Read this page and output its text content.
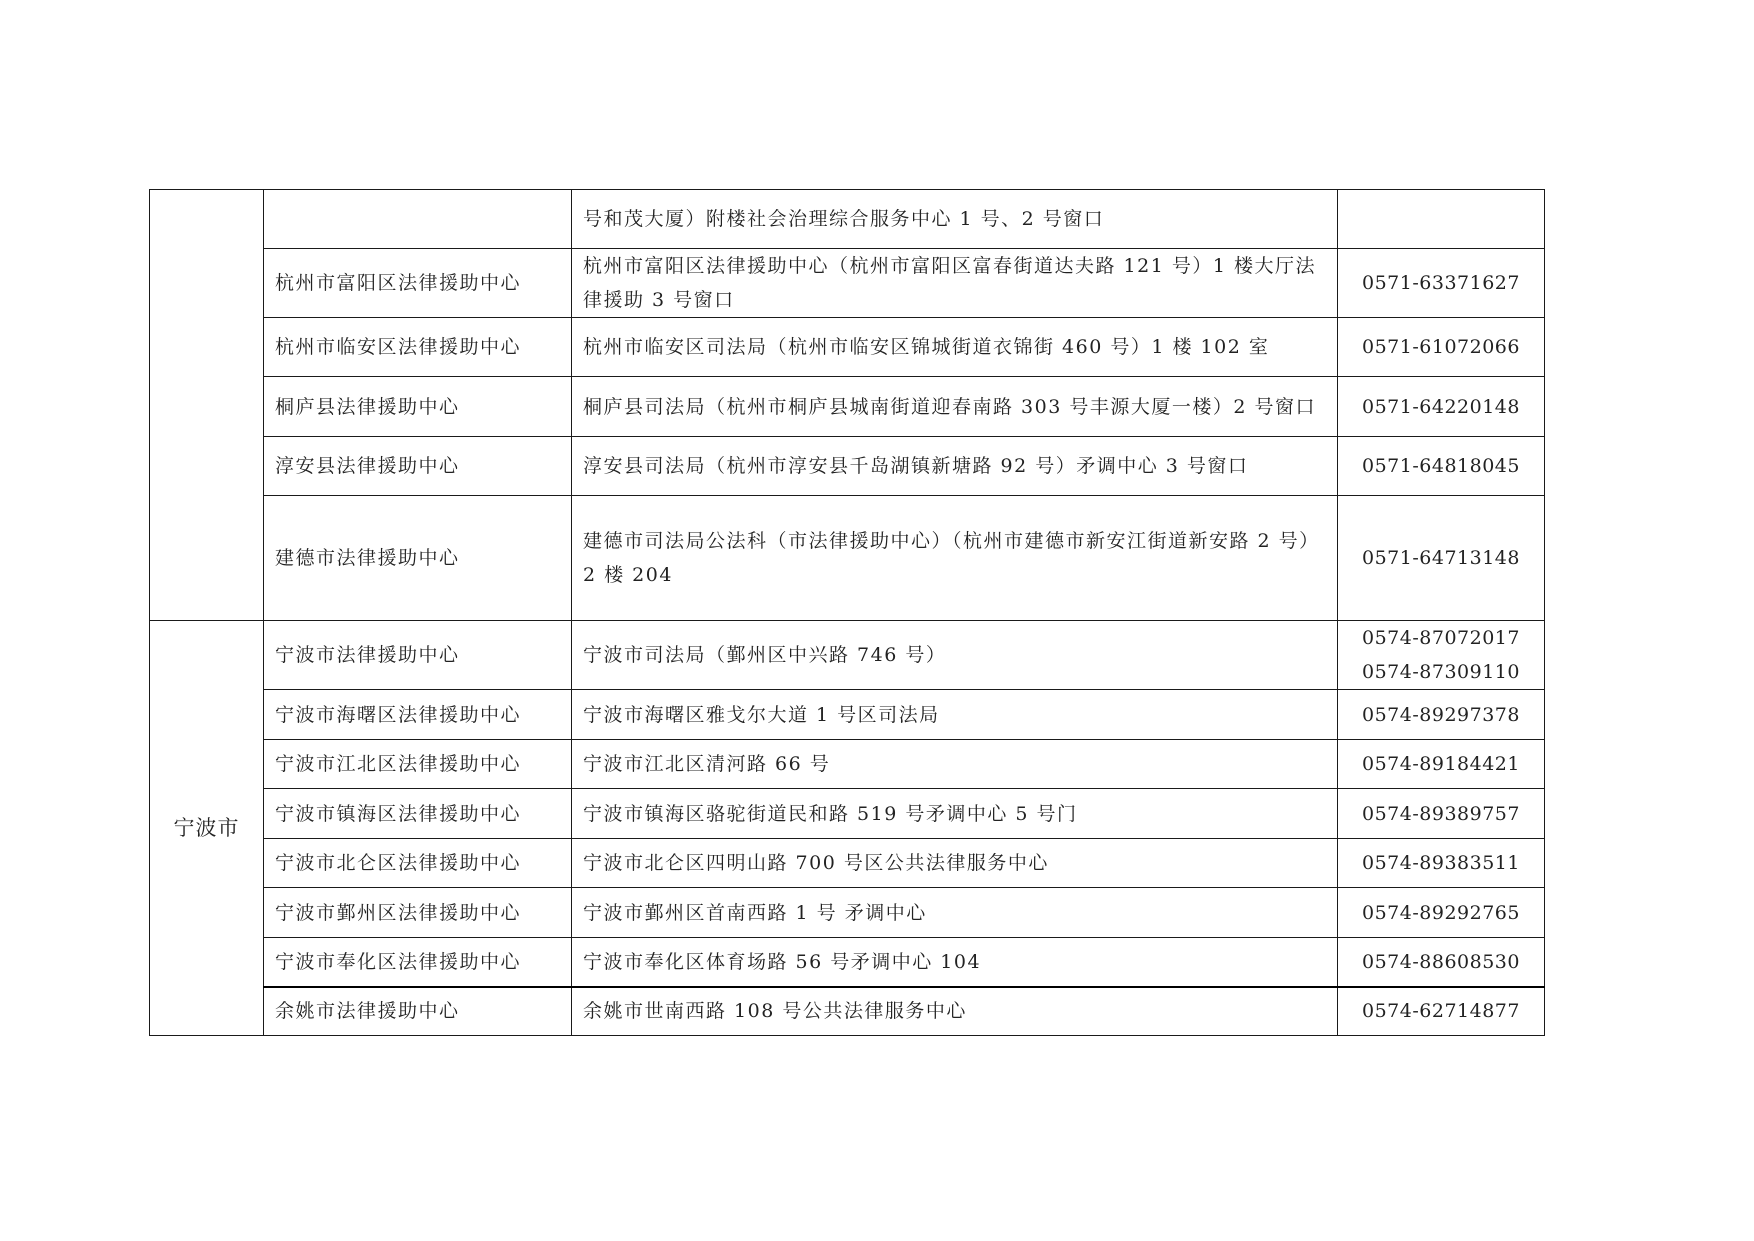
		号和茂大厦）附楼社会治理综合服务中心 1 号、2 号窗口	

	杭州市富阳区法律援助中心	杭州市富阳区法律援助中心（杭州市富阳区富春街道达夫路 121 号）1 楼大厅法律援助 3 号窗口	0571-63371627

	杭州市临安区法律援助中心	杭州市临安区司法局（杭州市临安区锦城街道衣锦街 460 号）1 楼 102 室	0571-61072066

	桐庐县法律援助中心	桐庐县司法局（杭州市桐庐县城南街道迎春南路 303 号丰源大厦一楼）2 号窗口	0571-64220148

	淳安县法律援助中心	淳安县司法局（杭州市淳安县千岛湖镇新塘路 92 号）矛调中心 3 号窗口	0571-64818045

	建德市法律援助中心	建德市司法局公法科（市法律援助中心）（杭州市建德市新安江街道新安路 2 号）2 楼 204	0571-64713148

宁波市	宁波市法律援助中心	宁波市司法局（鄞州区中兴路 746 号）	0574-87072017
0574-87309110

	宁波市海曙区法律援助中心	宁波市海曙区雅戈尔大道 1 号区司法局	0574-89297378

	宁波市江北区法律援助中心	宁波市江北区清河路 66 号	0574-89184421

	宁波市镇海区法律援助中心	宁波市镇海区骆驼街道民和路 519 号矛调中心 5 号门	0574-89389757

	宁波市北仑区法律援助中心	宁波市北仑区四明山路 700 号区公共法律服务中心	0574-89383511

	宁波市鄞州区法律援助中心	宁波市鄞州区首南西路 1 号 矛调中心	0574-89292765

	宁波市奉化区法律援助中心	宁波市奉化区体育场路 56 号矛调中心 104	0574-88608530

	余姚市法律援助中心	余姚市世南西路 108 号公共法律服务中心	0574-62714877
